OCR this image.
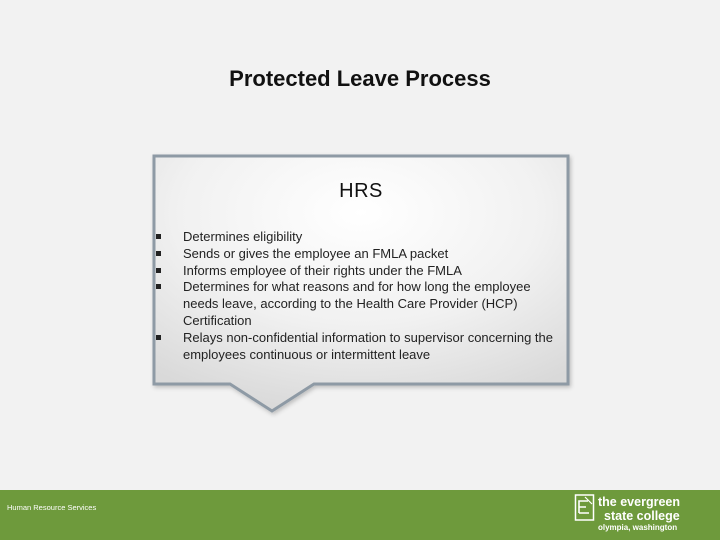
Protected Leave Process
HRS
Determines eligibility
Sends or gives the employee an FMLA packet
Informs employee of their rights under the FMLA
Determines for what reasons and for how long the employee needs leave, according to the Health Care Provider (HCP) Certification
Relays non-confidential information to supervisor concerning the employees continuous or intermittent leave
Human Resource Services	the evergreen
state college
olympia, washington
